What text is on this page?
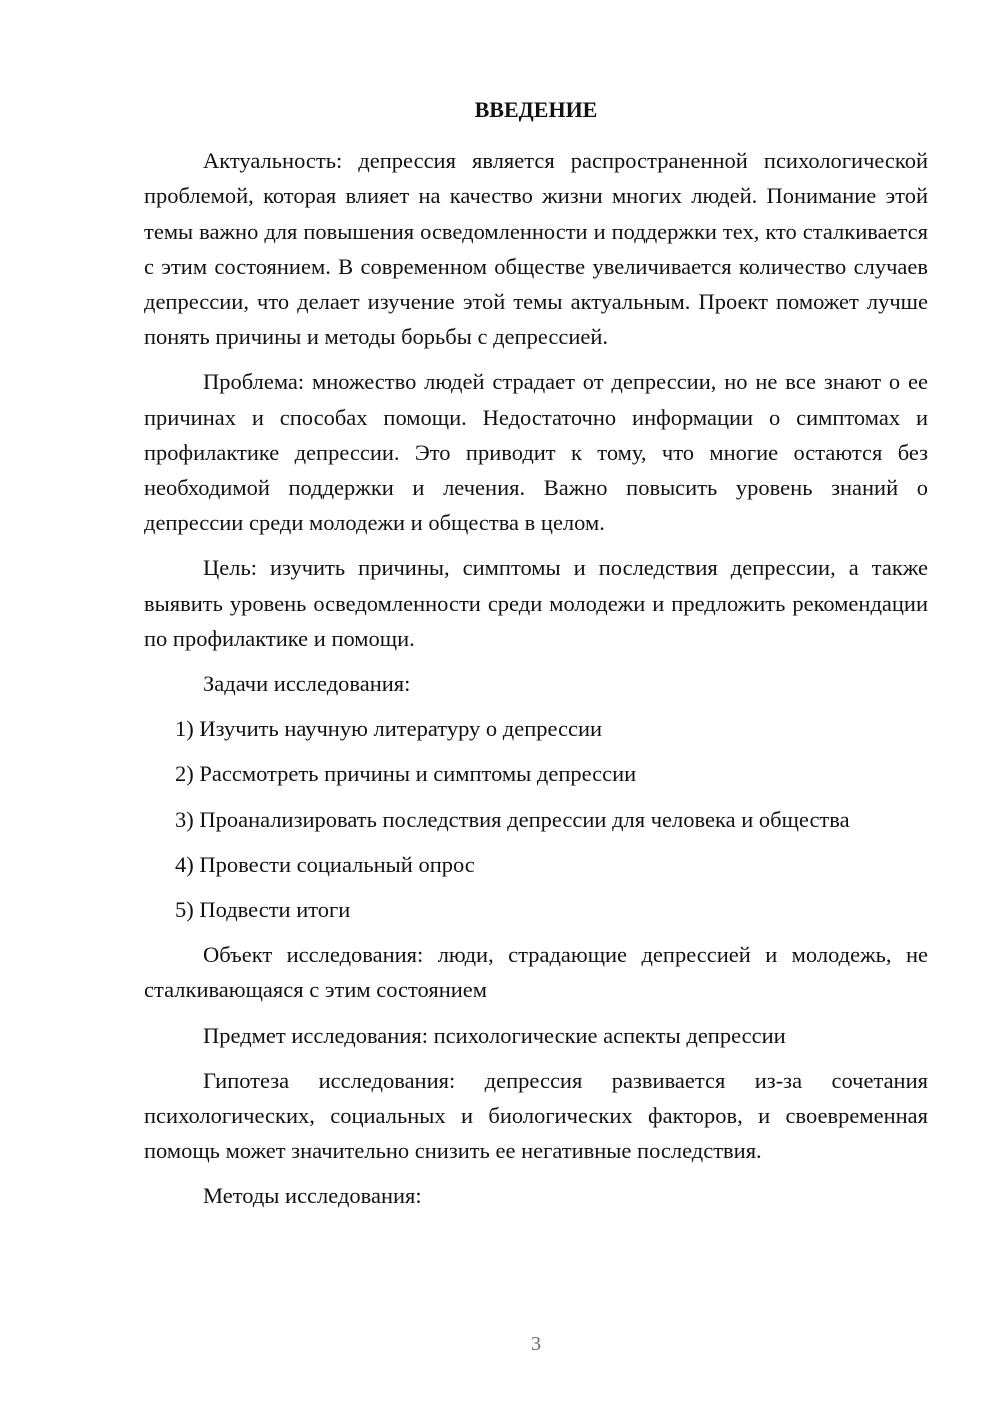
ВВЕДЕНИЕ

Актуальность: депрессия является распространенной психологической проблемой, которая влияет на качество жизни многих людей. Понимание этой темы важно для повышения осведомленности и поддержки тех, кто сталкивается с этим состоянием. В современном обществе увеличивается количество случаев депрессии, что делает изучение этой темы актуальным. Проект поможет лучше понять причины и методы борьбы с депрессией.

Проблема: множество людей страдает от депрессии, но не все знают о ее причинах и способах помощи. Недостаточно информации о симптомах и профилактике депрессии. Это приводит к тому, что многие остаются без необходимой поддержки и лечения. Важно повысить уровень знаний о депрессии среди молодежи и общества в целом.

Цель: изучить причины, симптомы и последствия депрессии, а также выявить уровень осведомленности среди молодежи и предложить рекомендации по профилактике и помощи.

Задачи исследования:

1) Изучить научную литературу о депрессии
2) Рассмотреть причины и симптомы депрессии
3) Проанализировать последствия депрессии для человека и общества
4) Провести социальный опрос
5) Подвести итоги

Объект исследования: люди, страдающие депрессией и молодежь, не сталкивающаяся с этим состоянием

Предмет исследования: психологические аспекты депрессии

Гипотеза исследования: депрессия развивается из-за сочетания психологических, социальных и биологических факторов, и своевременная помощь может значительно снизить ее негативные последствия.

Методы исследования:

3
